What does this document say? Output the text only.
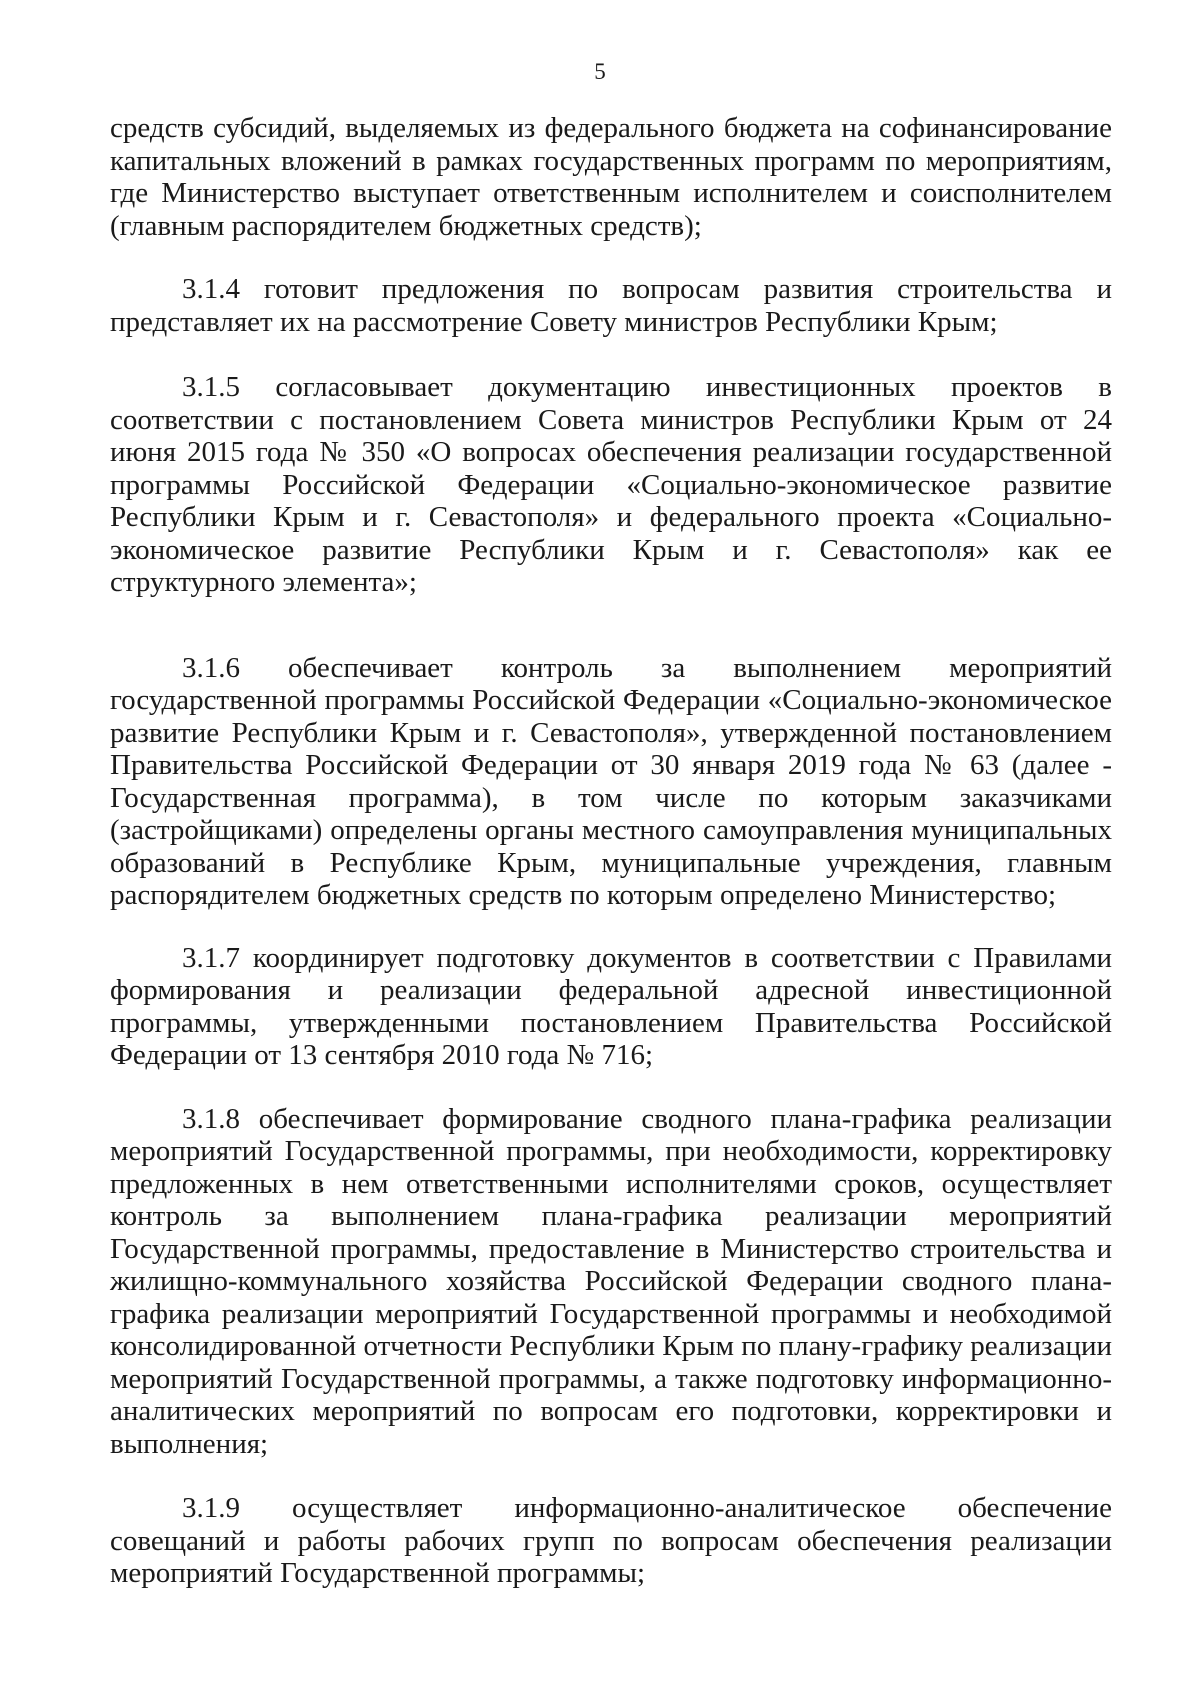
5

средств субсидий, выделяемых из федерального бюджета на софинансирование капитальных вложений в рамках государственных программ по мероприятиям, где Министерство выступает ответственным исполнителем и соисполнителем (главным распорядителем бюджетных средств);

3.1.4 готовит предложения по вопросам развития строительства и представляет их на рассмотрение Совету министров Республики Крым;

3.1.5 согласовывает документацию инвестиционных проектов в соответствии с постановлением Совета министров Республики Крым от 24 июня 2015 года № 350 «О вопросах обеспечения реализации государственной программы Российской Федерации «Социально-экономическое развитие Республики Крым и г. Севастополя» и федерального проекта «Социально-экономическое развитие Республики Крым и г. Севастополя» как ее структурного элемента»;

3.1.6 обеспечивает контроль за выполнением мероприятий государственной программы Российской Федерации «Социально-экономическое развитие Республики Крым и г. Севастополя», утвержденной постановлением Правительства Российской Федерации от 30 января 2019 года № 63 (далее - Государственная программа), в том числе по которым заказчиками (застройщиками) определены органы местного самоуправления муниципальных образований в Республике Крым, муниципальные учреждения, главным распорядителем бюджетных средств по которым определено Министерство;

3.1.7 координирует подготовку документов в соответствии с Правилами формирования и реализации федеральной адресной инвестиционной программы, утвержденными постановлением Правительства Российской Федерации от 13 сентября 2010 года № 716;

3.1.8 обеспечивает формирование сводного плана-графика реализации мероприятий Государственной программы, при необходимости, корректировку предложенных в нем ответственными исполнителями сроков, осуществляет контроль за выполнением плана-графика реализации мероприятий Государственной программы, предоставление в Министерство строительства и жилищно-коммунального хозяйства Российской Федерации сводного плана-графика реализации мероприятий Государственной программы и необходимой консолидированной отчетности Республики Крым по плану-графику реализации мероприятий Государственной программы, а также подготовку информационно-аналитических мероприятий по вопросам его подготовки, корректировки и выполнения;

3.1.9 осуществляет информационно-аналитическое обеспечение совещаний и работы рабочих групп по вопросам обеспечения реализации мероприятий Государственной программы;
